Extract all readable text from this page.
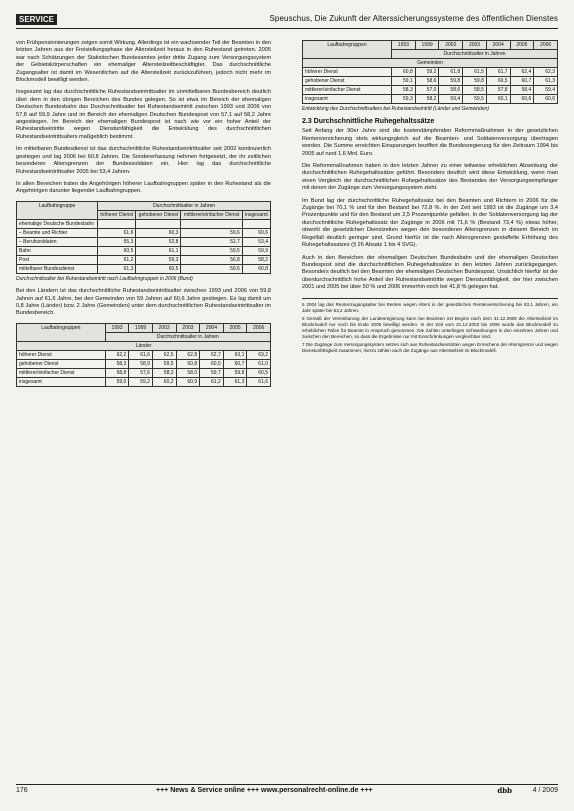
SERVICE	Speuschus, Die Zukunft der Alterssicherungssysteme des öffentlichen Dienstes

von Frühpensionierungen zeigen somit Wirkung. Allerdings ist ein wachsender Teil der Beamten in den letzten Jahren aus der Freistellungsphase der Altersteilzeit heraus in den Ruhestand getreten. 2005 war nach Schätzungen der Statistischen Bundesamtes jeder dritte Zugang zum Versorgungssystem der Gebietskörperschaften ein ehemaliger Altersteilzeitbeschäftigter. Das durchschnittliche Zugangsalter ist damit im Wesentlichen auf die Altersteilzeit zurückzuführen, jedoch nicht mehr im Blockmodell bewilligt werden.

Insgesamt lag das durchschnittliche Ruhestandseintrittsalter im unmittelbaren Bundesbereich deutlich über dem in den übrigen Bereichen des Bundes gelegen. So ist etwa im Bereich der ehemaligen Deutschen Bundesbahn das Durchschnittsalter bei Ruhestandseintritt zwischen 1993 und 2006 von 57,8 auf 59,9 Jahre und im Bereich der ehemaligen Deutschen Bundespost von 57,1 auf 58,2 Jahre angestiegen. Im Bereich der ehemaligen Bundespost ist nach wie vor ein hoher Anteil der Ruhestandseintritte wegen Dienstunfähigkeit die Entwicklung des durchschnittlichen Ruhestandseintrittsalters maßgeblich bestimmt.

Im mittelbaren Bundesdienst ist das durchschnittliche Ruhestandseintrittsalter seit 2002 kontinuierlich gestiegen und lag 2006 bei 60,8 Jahren. Die Sondererfassung nehmen fortgesetzt, der ihr zeitlichen besonderen Altersgrenzen der Bundessoldaten ein. Hier lag das durchschnittliche Ruhestandseintrittsalter 2005 bei 53,4 Jahren.

In allen Bereichen traten die Angehörigen höherer Laufbahngruppen später in den Ruhestand als die Angehörigen darunter liegender Laufbahngruppen.

Laufbahngruppe	Durchschnittsalter in Jahren			
	höherer Dienst	gehobener Dienst	mittlerer/einfacher Dienst	insgesamt
ehemalige Deutsche Bundesbahn				
– Beamte und Richter	61,6	60,3	59,6	60,6
– Berufssoldaten	55,3	52,8	52,7	53,4
Bahn	60,5	61,1	59,5	59,9
Post	61,2	59,3	56,8	58,2
mittelbarer Bundesdienst	61,3	60,5	59,6	60,8

Durchschnittsalter bei Ruhestandseintritt nach Laufbahngruppen in 2006 (Bund)

Bei den Ländern ist das durchschnittliche Ruhestandseintrittsalter zwischen 1993 und 2006 von 59,8 Jahren auf 61,6 Jahre, bei den Gemeinden von 59 Jahren auf 60,6 Jahre gestiegen. Es lag damit um 0,8 Jahre (Länder) bzw. 2 Jahre (Gemeinden) unter dem durchschnittlichen Ruhestandseintrittsalter im Bundesbereich.

Laufbahngruppen	1993	1999	2002	2003	2004	2005	2006
	Durchschnittsalter in Jahren						
Länder							
höherer Dienst	62,2	61,6	62,5	62,8	62,7	63,1	63,2
gehobener Dienst	58,3	58,9	59,5	60,8	60,5	60,7	61,0
mittlerer/einfacher Dienst	58,8	57,6	58,3	58,0	59,7	59,8	60,5
insgesamt	59,0	59,2	60,2	60,9	61,2	61,3	61,6
Laufbahngruppen	1993	1999	2002	2003	2004	2005	2006
	Durchschnittsalter in Jahren						
Gemeinden							
höherer Dienst	60,8	59,2	61,8	61,5	61,7	62,4	62,3
gehobener Dienst	59,1	58,6	59,8	59,8	60,5	60,7	61,3
mittlerer/einfacher Dienst	58,3	57,0	58,6	58,5	57,8	58,4	59,4
insgesamt	59,3	58,2	59,4	59,5	60,1	60,6	60,6

Entwicklung des Durchschnittsalters bei Ruhestandseintritt (Länder und Gemeinden)

2.3 Durchschnittliche Ruhegehaltssätze

Seit Anfang der 90er Jahre sind die kostendämpfenden Reformmaßnahmen in der gesetzlichen Rentenversicherung stets wirkungsgleich auf die Beamten- und Soldatenversorgung übertragen worden. Die Summe erreichten Einsparungen beziffert die Bundesregierung für den Zeitraum 1994 bis 2005 auf rund 1,6 Mrd. Euro.

Die Reformmaßnahmen haben in den letzten Jahren zu einer teilweise erheblichen Absenkung der durchschnittlichen Ruhegehaltssätze geführt. Besonders deutlich wird diese Entwicklung, wenn man einen Vergleich der durchschnittlichen Ruhegehaltssätze des Bestandes der Versorgungsempfänger mit denen der Zugänge zum Versorgungssystem zieht.

Im Bund lag der durchschnittliche Ruhegehaltssatz bei den Beamten und Richtern in 2006 für die Zugänge bei 70,1 % und für den Bestand bei 72,8 %. In der Zeit seit 1993 ist die Zugänge um 3,4 Prozentpunkte und für den Bestand um 2,5 Prozentpunkte gefallen. In der Soldatenversorgung lag der durchschnittliche Ruhegehaltssatz der Zugänge in 2006 mit 71,6 % (Bestand 73,4 %) etwas höher, obwohl die gesetzlichen Dienstzeiten wegen den besonderen Altersgrenzen in diesem Bereich im Regelfall deutlich geringer sind. Grund hierfür ist die nach Altersgrenzen gestaffelte Erhöhung des Ruhegehaltssatzes (§ 26 Absatz 1 bis 4 SVG).

Auch in den Bereichen der ehemaligen Deutschen Bundesbahn und der ehemaligen Deutschen Bundespost sind die durchschnittlichen Ruhegehaltssätze in den letzten Jahren zurückgegangen. Besonders deutlich bei den Beamten der ehemaligen Deutschen Bundespost. Ursächlich hierfür ist der überdurchschnittlich hohe Anteil der Ruhestandseintritte wegen Dienstunfähigkeit, der hier zwischen 2001 und 2005 bei über 50 % und 2006 immerhin noch bei 41,8 % gelegen hat.

5 2004 lag das Rentenzugangsalter bei Renten wegen Alters in der gesetzlichen Rentenversicherung bei 63,1 Jahren, ein Jahr später bei 63,2 Jahren.

6 Gemäß der Vereinbarung der Landesregierung kann bei Beamten mit Beginn nach dem 31.12.2009 die Altersteilzeit im Blockmodell nur noch bis Ende 2009 bewilligt werden. In der Zeit vom 31.12.2003 bis 2006 wurde das Blockmodell zu erheblichen Teilen für Beamte in Anspruch genommen. Die Zahlen unterliegen Schwankungen in den einzelnen Jahren und zwischen den Bereichen, so dass die Ergebnisse nur mit Einschränkungen vergleichbar sind.

7 Die Zugänge zum Versorgungssystem setzen sich aus Ruhestandseintritten wegen Erreichens der Altersgrenze und wegen Dienstunfähigkeit zusammen; hierzu zählen auch die Zugänge aus Altersteilzeit im Blockmodell.

176	+++ News & Service online +++ www.personalrecht-online.de +++	dbb	4 / 2009
